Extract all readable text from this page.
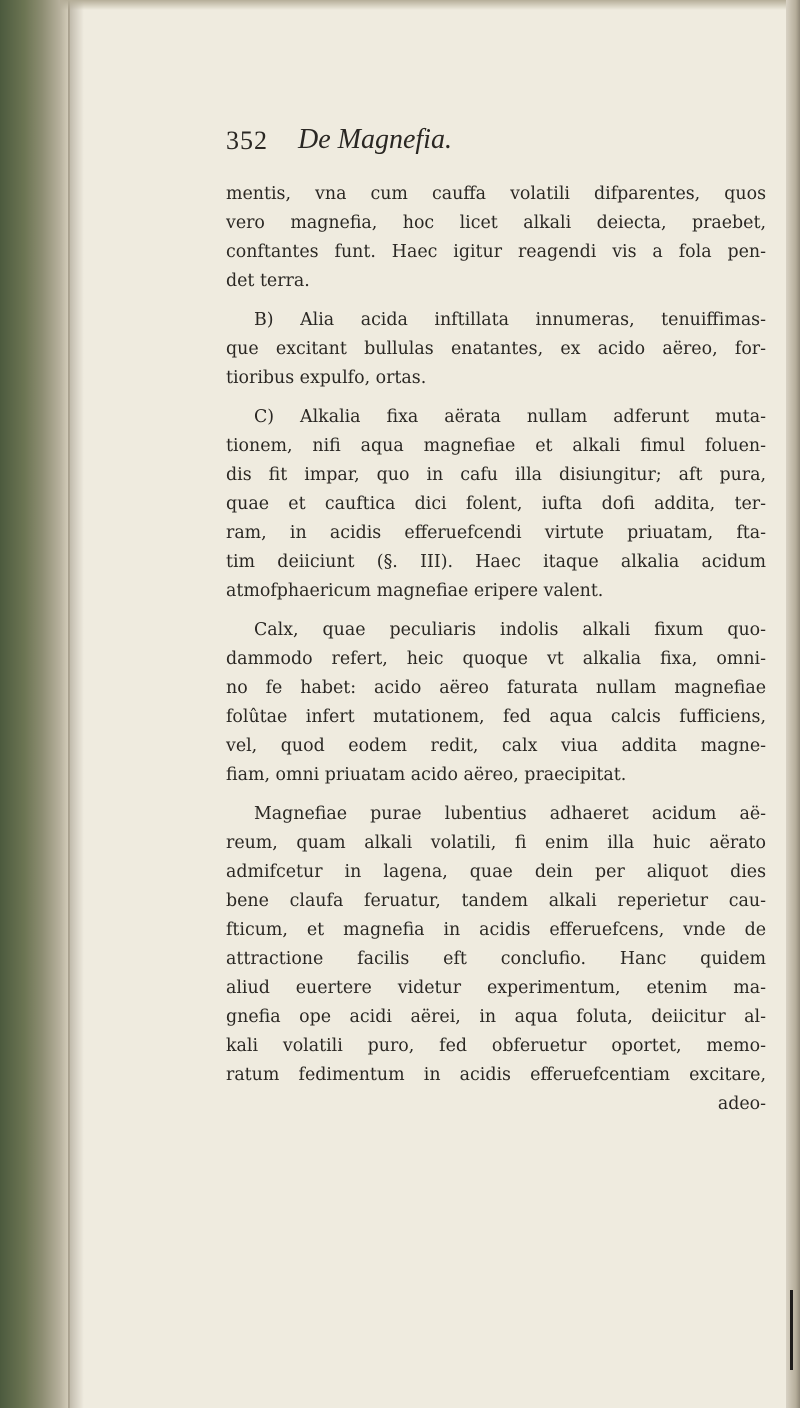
352 De Magnefia.
mentis, vna cum cauffa volatili difparentes, quos
vero magnefia, hoc licet alkali deiecta, praebet,
conftantes funt. Haec igitur reagendi vis a fola pen-
det terra.
B) Alia acida inftillata innumeras, tenuiffimas-
que excitant bullulas enatantes, ex acido aëreo, for-
tioribus expulfo, ortas.
C) Alkalia fixa aërata nullam adferunt muta-
tionem, nifi aqua magnefiae et alkali fimul foluen-
dis fit impar, quo in cafu illa disiungitur; aft pura,
quae et cauftica dici folent, iufta dofi addita, ter-
ram, in acidis efferuefcendi virtute priuatam, fta-
tim deiiciunt (§. III). Haec itaque alkalia acidum
atmofphaericum magnefiae eripere valent.
Calx, quae peculiaris indolis alkali fixum quo-
dammodo refert, heic quoque vt alkalia fixa, omni-
no fe habet: acido aëreo faturata nullam magnefiae
folûtae infert mutationem, fed aqua calcis fufficiens,
vel, quod eodem redit, calx viua addita magne-
fiam, omni priuatam acido aëreo, praecipitat.
Magnefiae purae lubentius adhaeret acidum aë-
reum, quam alkali volatili, fi enim illa huic aërato
admifcetur in lagena, quae dein per aliquot dies
bene claufa feruatur, tandem alkali reperietur cau-
fticum, et magnefia in acidis efferuefcens, vnde de
attractione facilis eft conclufio. Hanc quidem
aliud euertere videtur experimentum, etenim ma-
gnefia ope acidi aërei, in aqua foluta, deiicitur al-
kali volatili puro, fed obferuetur oportet, memo-
ratum fedimentum in acidis efferuefcentiam excitare,
adeo-
